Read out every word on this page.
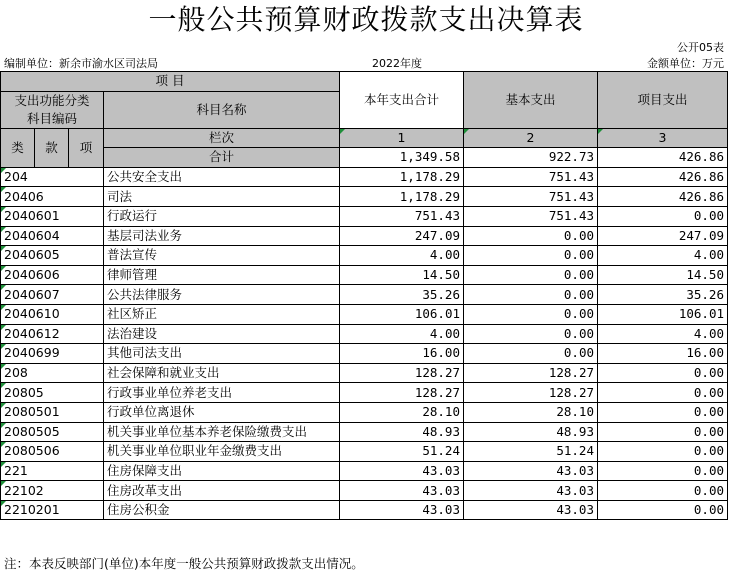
一般公共预算财政拨款支出决算表
公开05表
编制单位：新余市渝水区司法局	2022年度	金额单位：万元
项 目				本年支出合计	基本支出	项目支出
支出功能分类
科目编码			科目名称			

类	款	项	栏次	1	2	3
			合计	1,349.58	922.73	426.86
204			公共安全支出	1,178.29	751.43	426.86
20406			司法	1,178.29	751.43	426.86
2040601			行政运行	751.43	751.43	0.00
2040604			基层司法业务	247.09	0.00	247.09
2040605			普法宣传	4.00	0.00	4.00
2040606			律师管理	14.50	0.00	14.50
2040607			公共法律服务	35.26	0.00	35.26
2040610			社区矫正	106.01	0.00	106.01
2040612			法治建设	4.00	0.00	4.00
2040699			其他司法支出	16.00	0.00	16.00
208			社会保障和就业支出	128.27	128.27	0.00
20805			行政事业单位养老支出	128.27	128.27	0.00
2080501			行政单位离退休	28.10	28.10	0.00
2080505			机关事业单位基本养老保险缴费支出	48.93	48.93	0.00
2080506			机关事业单位职业年金缴费支出	51.24	51.24	0.00
221			住房保障支出	43.03	43.03	0.00
22102			住房改革支出	43.03	43.03	0.00
2210201			住房公积金	43.03	43.03	0.00
注：本表反映部门(单位)本年度一般公共预算财政拨款支出情况。
